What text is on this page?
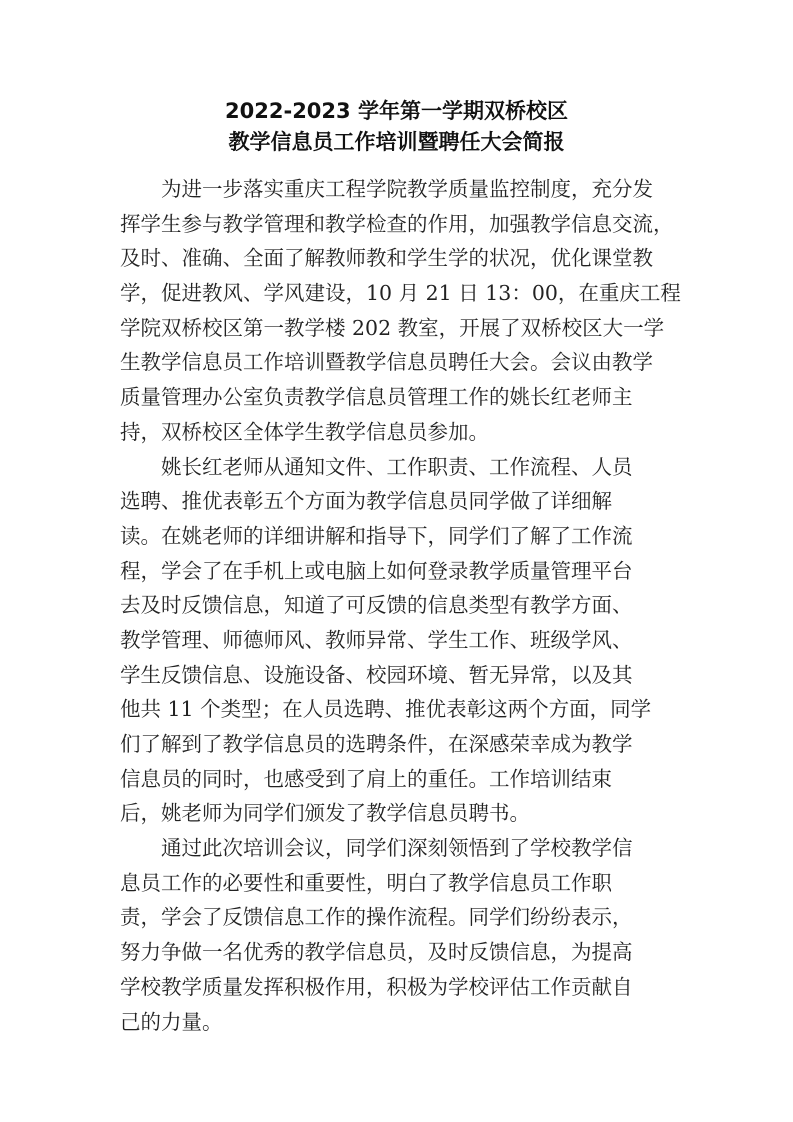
2022-2023 学年第一学期双桥校区
教学信息员工作培训暨聘任大会简报
为进一步落实重庆工程学院教学质量监控制度，充分发
挥学生参与教学管理和教学检查的作用，加强教学信息交流，
及时、准确、全面了解教师教和学生学的状况，优化课堂教
学，促进教风、学风建设，10 月 21 日 13：00，在重庆工程
学院双桥校区第一教学楼 202 教室，开展了双桥校区大一学
生教学信息员工作培训暨教学信息员聘任大会。会议由教学
质量管理办公室负责教学信息员管理工作的姚长红老师主
持，双桥校区全体学生教学信息员参加。
姚长红老师从通知文件、工作职责、工作流程、人员
选聘、推优表彰五个方面为教学信息员同学做了详细解
读。在姚老师的详细讲解和指导下，同学们了解了工作流
程，学会了在手机上或电脑上如何登录教学质量管理平台
去及时反馈信息，知道了可反馈的信息类型有教学方面、
教学管理、师德师风、教师异常、学生工作、班级学风、
学生反馈信息、设施设备、校园环境、暂无异常，以及其
他共 11 个类型；在人员选聘、推优表彰这两个方面，同学
们了解到了教学信息员的选聘条件，在深感荣幸成为教学
信息员的同时，也感受到了肩上的重任。工作培训结束
后，姚老师为同学们颁发了教学信息员聘书。
通过此次培训会议，同学们深刻领悟到了学校教学信
息员工作的必要性和重要性，明白了教学信息员工作职
责，学会了反馈信息工作的操作流程。同学们纷纷表示，
努力争做一名优秀的教学信息员，及时反馈信息，为提高
学校教学质量发挥积极作用，积极为学校评估工作贡献自
己的力量。
